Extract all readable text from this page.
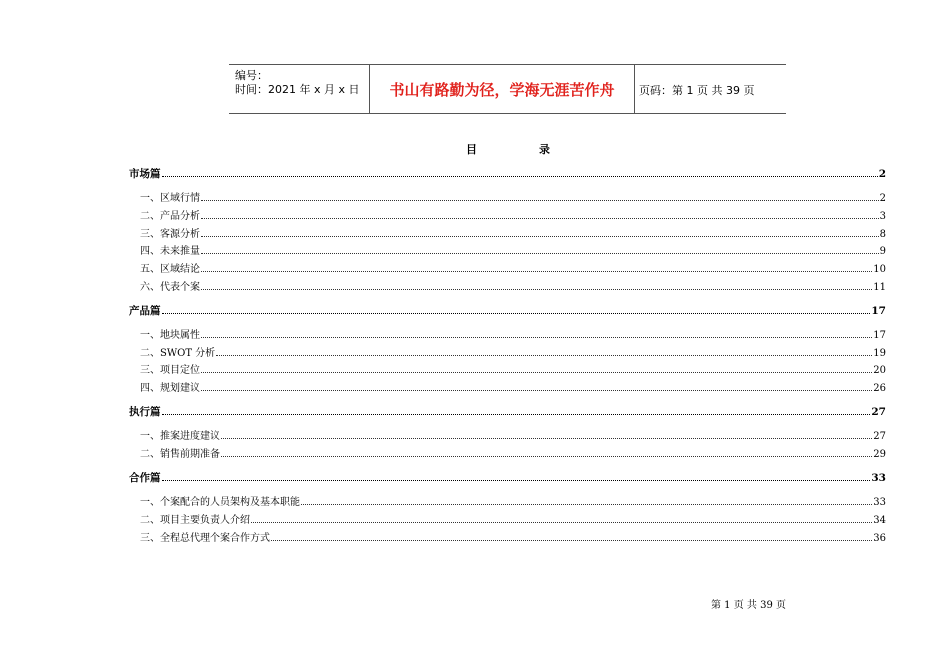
编号：
时间：2021 年 x 月 x 日	书山有路勤为径，学海无涯苦作舟	页码：第 1 页 共 39 页
目	录
市场篇	2
一、区域行情	2
二、产品分析	3
三、客源分析	8
四、未来推量	9
五、区域结论	10
六、代表个案	11
产品篇	17
一、地块属性	17
二、SWOT 分析	19
三、项目定位	20
四、规划建议	26
执行篇	27
一、推案进度建议	27
二、销售前期准备	29
合作篇	33
一、个案配合的人员架构及基本职能	33
二、项目主要负责人介绍	34
三、全程总代理个案合作方式	36
第 1 页 共 39 页
